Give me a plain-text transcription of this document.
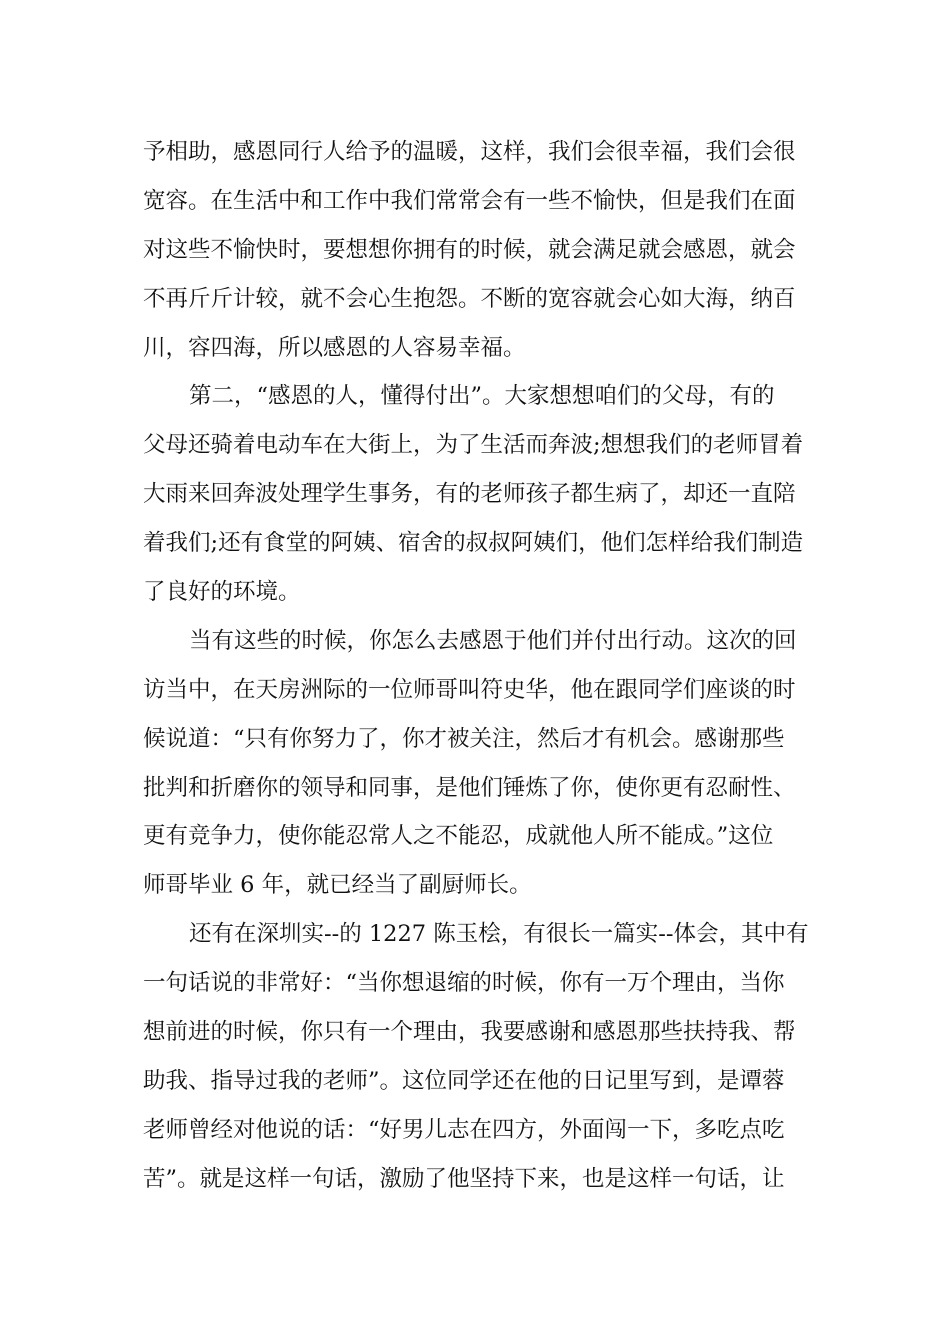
予相助，感恩同行人给予的温暖，这样，我们会很幸福，我们会很
宽容。在生活中和工作中我们常常会有一些不愉快，但是我们在面
对这些不愉快时，要想想你拥有的时候，就会满足就会感恩，就会
不再斤斤计较，就不会心生抱怨。不断的宽容就会心如大海，纳百
川，容四海，所以感恩的人容易幸福。
第二，“感恩的人，懂得付出”。大家想想咱们的父母，有的
父母还骑着电动车在大街上，为了生活而奔波;想想我们的老师冒着
大雨来回奔波处理学生事务，有的老师孩子都生病了，却还一直陪
着我们;还有食堂的阿姨、宿舍的叔叔阿姨们，他们怎样给我们制造
了良好的环境。
当有这些的时候，你怎么去感恩于他们并付出行动。这次的回
访当中，在天房洲际的一位师哥叫符史华，他在跟同学们座谈的时
候说道：“只有你努力了，你才被关注，然后才有机会。感谢那些
批判和折磨你的领导和同事，是他们锤炼了你，使你更有忍耐性、
更有竞争力，使你能忍常人之不能忍，成就他人所不能成。”这位
师哥毕业 6 年，就已经当了副厨师长。
还有在深圳实--的 1227 陈玉桧，有很长一篇实--体会，其中有
一句话说的非常好：“当你想退缩的时候，你有一万个理由，当你
想前进的时候，你只有一个理由，我要感谢和感恩那些扶持我、帮
助我、指导过我的老师”。这位同学还在他的日记里写到，是谭蓉
老师曾经对他说的话：“好男儿志在四方，外面闯一下，多吃点吃
苦”。就是这样一句话，激励了他坚持下来，也是这样一句话，让
